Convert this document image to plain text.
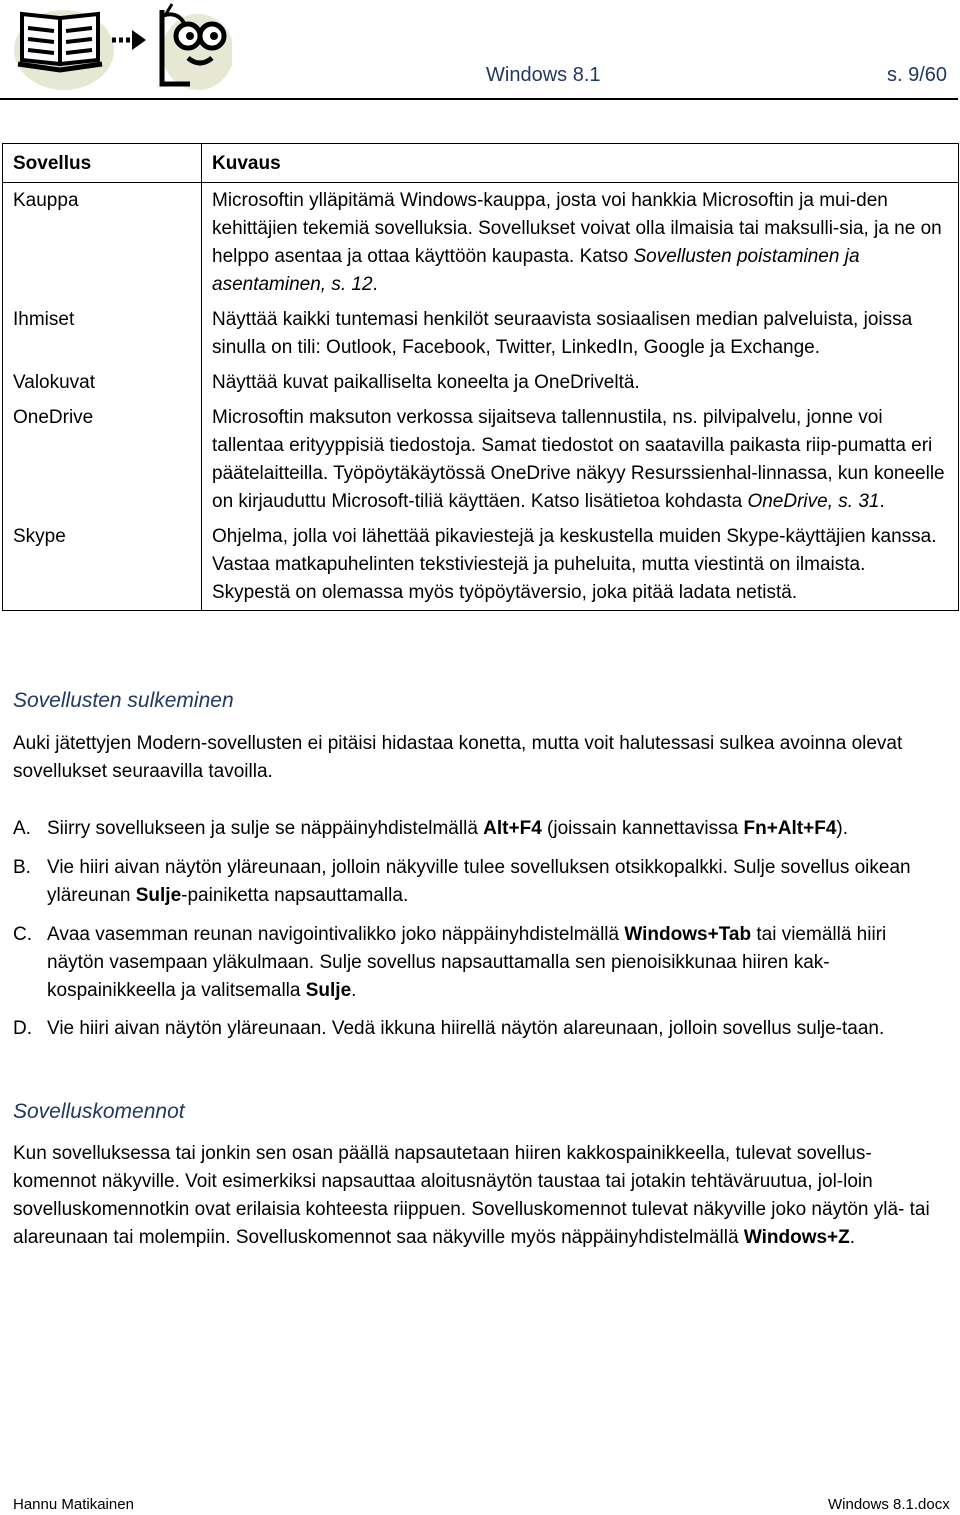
Windows 8.1	s. 9/60
Sovellus	Kuvaus
Kauppa	Microsoftin ylläpitämä Windows-kauppa, josta voi hankkia Microsoftin ja mui-den kehittäjien tekemiä sovelluksia. Sovellukset voivat olla ilmaisia tai maksulli-sia, ja ne on helppo asentaa ja ottaa käyttöön kaupasta. Katso Sovellusten poistaminen ja asentaminen, s. 12.
Ihmiset	Näyttää kaikki tuntemasi henkilöt seuraavista sosiaalisen median palveluista, joissa sinulla on tili: Outlook, Facebook, Twitter, LinkedIn, Google ja Exchange.
Valokuvat	Näyttää kuvat paikalliselta koneelta ja OneDriveltä.
OneDrive	Microsoftin maksuton verkossa sijaitseva tallennustila, ns. pilvipalvelu, jonne voi tallentaa erityyppisiä tiedostoja. Samat tiedostot on saatavilla paikasta riip-pumatta eri päätelaitteilla. Työpöytäkäytössä OneDrive näkyy Resurssienhal-linnassa, kun koneelle on kirjauduttu Microsoft-tiliä käyttäen. Katso lisätietoa kohdasta OneDrive, s. 31.
Skype	Ohjelma, jolla voi lähettää pikaviestejä ja keskustella muiden Skype-käyttäjien kanssa. Vastaa matkapuhelinten tekstiviestejä ja puheluita, mutta viestintä on ilmaista. Skypestä on olemassa myös työpöytäversio, joka pitää ladata netistä.
Sovellusten sulkeminen
Auki jätettyjen Modern-sovellusten ei pitäisi hidastaa konetta, mutta voit halutessasi sulkea avoinna olevat sovellukset seuraavilla tavoilla.
A. Siirry sovellukseen ja sulje se näppäinyhdistelmällä Alt+F4 (joissain kannettavissa Fn+Alt+F4).
B. Vie hiiri aivan näytön yläreunaan, jolloin näkyville tulee sovelluksen otsikkopalkki. Sulje sovellus oikean yläreunan Sulje-painiketta napsauttamalla.
C. Avaa vasemman reunan navigointivalikko joko näppäinyhdistelmällä Windows+Tab tai viemällä hiiri näytön vasempaan yläkulmaan. Sulje sovellus napsauttamalla sen pienoisikkunaa hiiren kak-kospainikkeella ja valitsemalla Sulje.
D. Vie hiiri aivan näytön yläreunaan. Vedä ikkuna hiirellä näytön alareunaan, jolloin sovellus sulje-taan.
Sovelluskomennot
Kun sovelluksessa tai jonkin sen osan päällä napsautetaan hiiren kakkospainikkeella, tulevat sovellus-komennot näkyville. Voit esimerkiksi napsauttaa aloitusnäytön taustaa tai jotakin tehtäväruutua, jol-loin sovelluskomennotkin ovat erilaisia kohteesta riippuen. Sovelluskomennot tulevat näkyville joko näytön ylä- tai alareunaan tai molempiin. Sovelluskomennot saa näkyville myös näppäinyhdistelmällä Windows+Z.
Hannu Matikainen	Windows 8.1.docx
